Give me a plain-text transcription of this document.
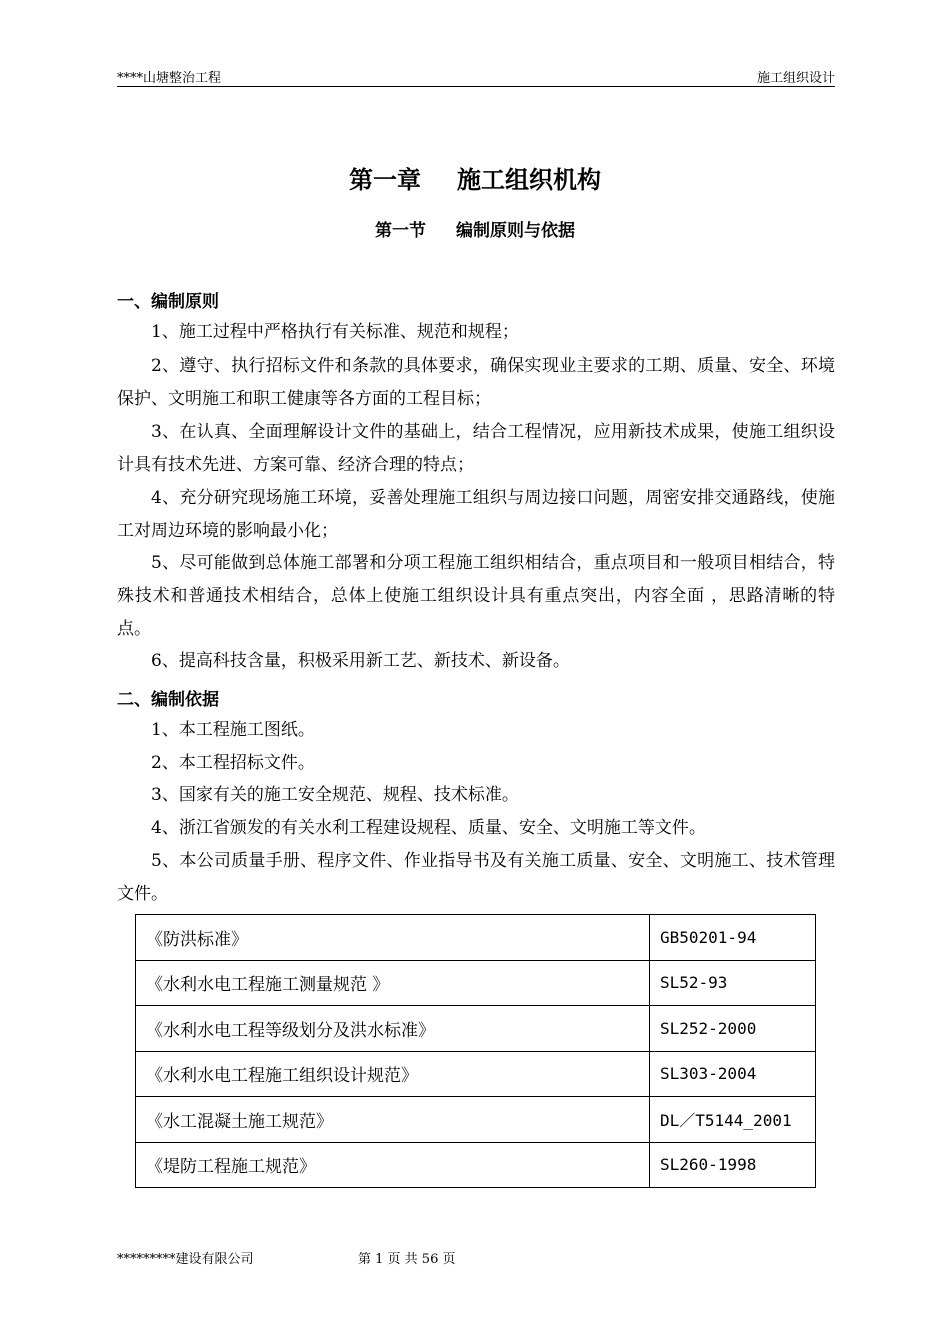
****山塘整治工程	施工组织设计
第一章 施工组织机构
第一节 编制原则与依据
一、编制原则
1、施工过程中严格执行有关标准、规范和规程；
2、遵守、执行招标文件和条款的具体要求，确保实现业主要求的工期、质量、安全、环境保护、文明施工和职工健康等各方面的工程目标；
3、在认真、全面理解设计文件的基础上，结合工程情况，应用新技术成果，使施工组织设计具有技术先进、方案可靠、经济合理的特点；
4、充分研究现场施工环境，妥善处理施工组织与周边接口问题，周密安排交通路线，使施工对周边环境的影响最小化；
5、尽可能做到总体施工部署和分项工程施工组织相结合，重点项目和一般项目相结合，特殊技术和普通技术相结合，总体上使施工组织设计具有重点突出，内容全面 ，思路清晰的特点。
6、提高科技含量，积极采用新工艺、新技术、新设备。
二、编制依据
1、本工程施工图纸。
2、本工程招标文件。
3、国家有关的施工安全规范、规程、技术标准。
4、浙江省颁发的有关水利工程建设规程、质量、安全、文明施工等文件。
5、本公司质量手册、程序文件、作业指导书及有关施工质量、安全、文明施工、技术管理文件。
《防洪标准》	GB50201-94
《水利水电工程施工测量规范 》	SL52-93
《水利水电工程等级划分及洪水标准》	SL252-2000
《水利水电工程施工组织设计规范》	SL303-2004
《水工混凝土施工规范》	DL／T5144_2001
《堤防工程施工规范》	SL260-1998
*********建设有限公司	第 1 页 共 56 页
